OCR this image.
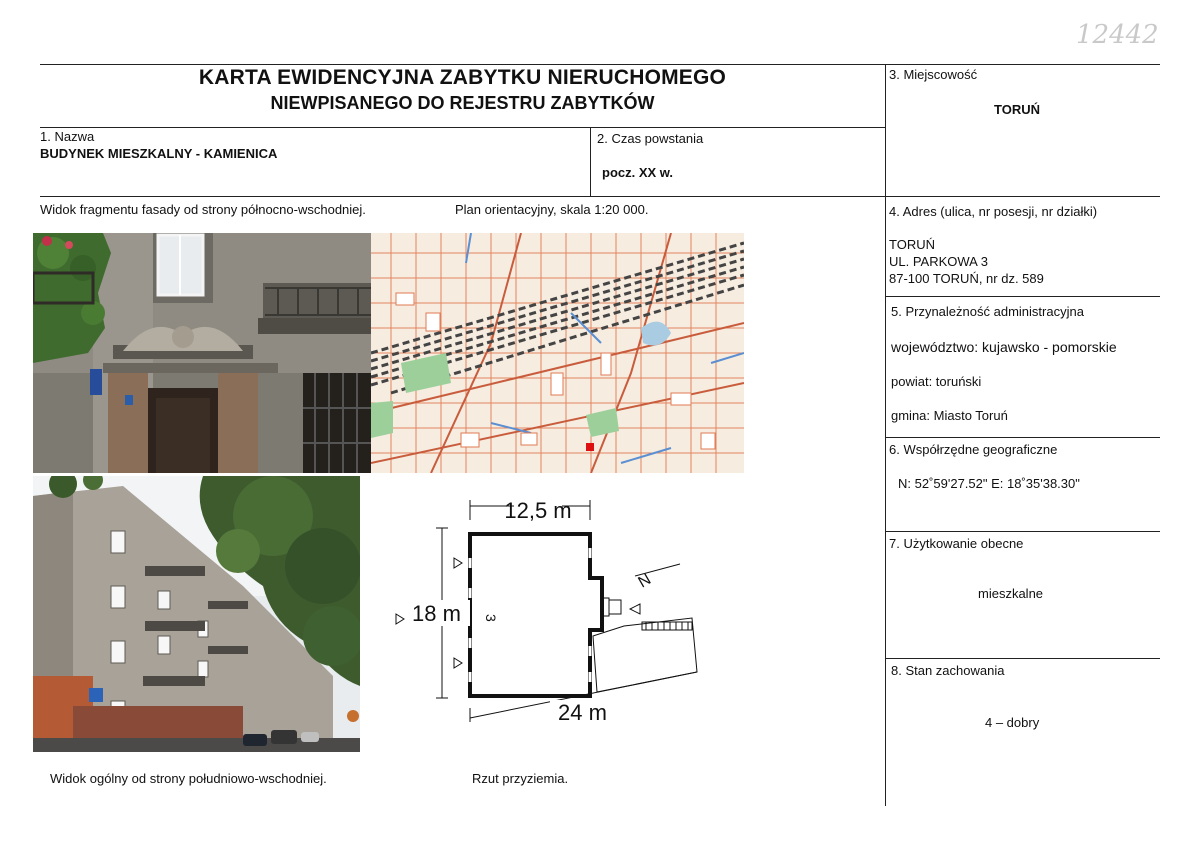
12442
KARTA EWIDENCYJNA ZABYTKU NIERUCHOMEGO
NIEWPISANEGO DO REJESTRU ZABYTKÓW
1. Nazwa
BUDYNEK MIESZKALNY - KAMIENICA
2. Czas powstania
pocz. XX w.
3. Miejscowość
TORUŃ
4. Adres (ulica, nr posesji, nr działki)
TORUŃ
UL. PARKOWA 3
87-100 TORUŃ, nr dz. 589
5. Przynależność administracyjna
województwo: kujawsko - pomorskie
powiat: toruński
gmina: Miasto Toruń
6. Współrzędne geograficzne
N: 52˚59'27.52" E: 18˚35'38.30"
7. Użytkowanie obecne
mieszkalne
8. Stan zachowania
4 – dobry
Widok fragmentu fasady od strony północno-wschodniej.	Plan orientacyjny, skala 1:20 000.
Widok ogólny od strony południowo-wschodniej.	Rzut przyziemia.
12,5 m
18 m
24 m
3
N
